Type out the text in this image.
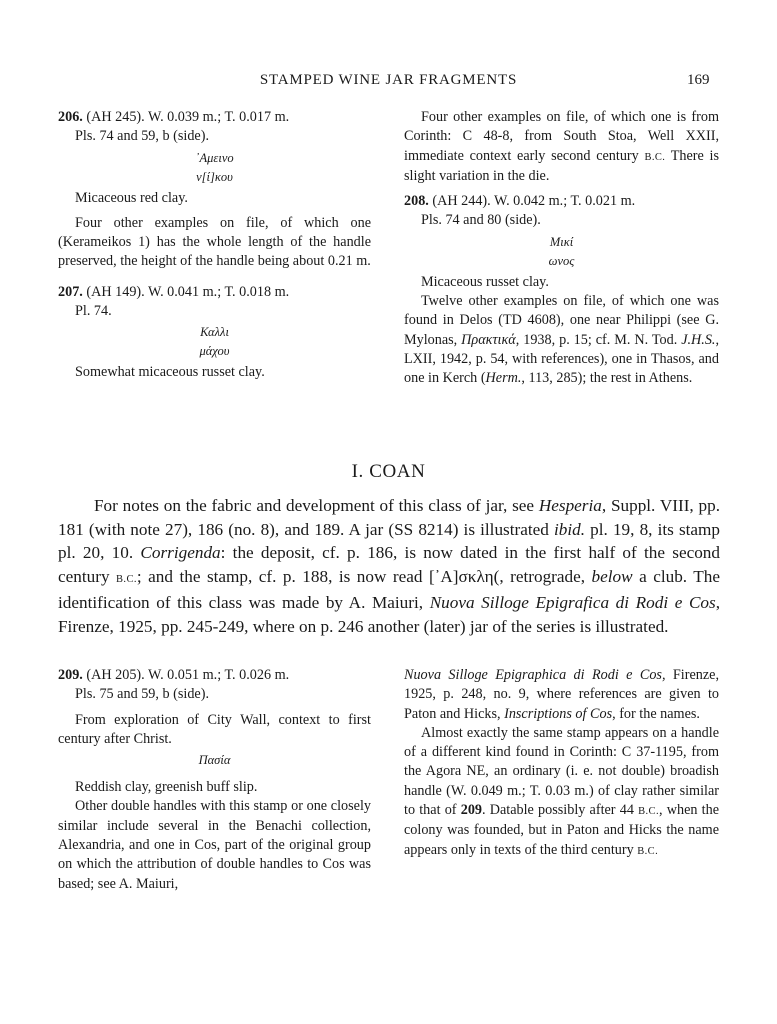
STAMPED WINE JAR FRAGMENTS	169

206. (AH 245). W. 0.039 m.; T. 0.017 m.

Pls. 74 and 59, b (side).

᾿Αμεινο
ν[ί]κου

Micaceous red clay.

Four other examples on file, of which one (Kerameikos 1) has the whole length of the handle preserved, the height of the handle being about 0.21 m.

207. (AH 149). W. 0.041 m.; T. 0.018 m.

Pl. 74.

Καλλι
μάχου

Somewhat micaceous russet clay.

Four other examples on file, of which one is from Corinth: C 48-8, from South Stoa, Well XXII, immediate context early second century B.C. There is slight variation in the die.

208. (AH 244). W. 0.042 m.; T. 0.021 m.

Pls. 74 and 80 (side).

Μικί
ωνος

Micaceous russet clay.

Twelve other examples on file, of which one was found in Delos (TD 4608), one near Philippi (see G. Mylonas, Πρακτικά, 1938, p. 15; cf. M. N. Tod. J.H.S., LXII, 1942, p. 54, with references), one in Thasos, and one in Kerch (Herm., 113, 285); the rest in Athens.

I. COAN

For notes on the fabric and development of this class of jar, see Hesperia, Suppl. VIII, pp. 181 (with note 27), 186 (no. 8), and 189. A jar (SS 8214) is illustrated ibid. pl. 19, 8, its stamp pl. 20, 10. Corrigenda: the deposit, cf. p. 186, is now dated in the first half of the second century B.C.; and the stamp, cf. p. 188, is now read [᾿Α]σκλη(, retrograde, below a club. The identification of this class was made by A. Maiuri, Nuova Silloge Epigrafica di Rodi e Cos, Firenze, 1925, pp. 245-249, where on p. 246 another (later) jar of the series is illustrated.

209. (AH 205). W. 0.051 m.; T. 0.026 m.

Pls. 75 and 59, b (side).

From exploration of City Wall, context to first century after Christ.

Πασία

Reddish clay, greenish buff slip.

Other double handles with this stamp or one closely similar include several in the Benachi collection, Alexandria, and one in Cos, part of the original group on which the attribution of double handles to Cos was based; see A. Maiuri,

Nuova Silloge Epigraphica di Rodi e Cos, Firenze, 1925, p. 248, no. 9, where references are given to Paton and Hicks, Inscriptions of Cos, for the names.

Almost exactly the same stamp appears on a handle of a different kind found in Corinth: C 37-1195, from the Agora NE, an ordinary (i. e. not double) broadish handle (W. 0.049 m.; T. 0.03 m.) of clay rather similar to that of 209. Datable possibly after 44 B.C., when the colony was founded, but in Paton and Hicks the name appears only in texts of the third century B.C.
